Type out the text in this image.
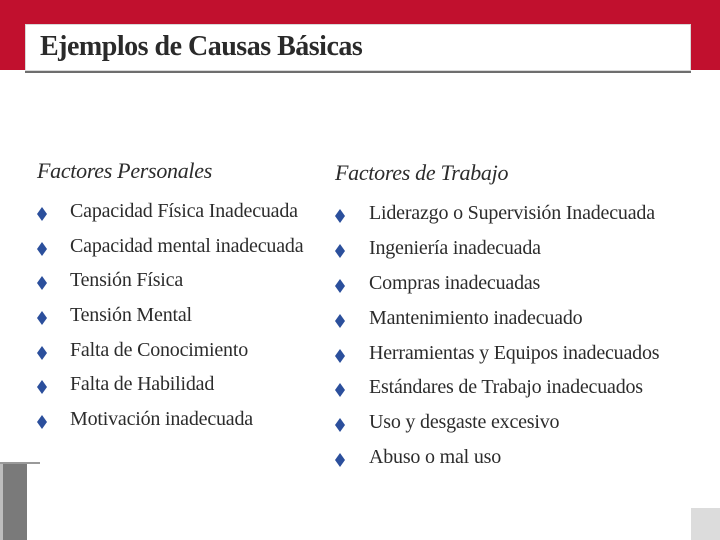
Ejemplos de Causas Básicas
Factores Personales
Capacidad Física Inadecuada
Capacidad mental inadecuada
Tensión Física
Tensión Mental
Falta de Conocimiento
Falta de Habilidad
Motivación inadecuada
Factores de Trabajo
Liderazgo o Supervisión Inadecuada
Ingeniería inadecuada
Compras inadecuadas
Mantenimiento inadecuado
Herramientas y Equipos inadecuados
Estándares de Trabajo inadecuados
Uso y desgaste excesivo
Abuso o mal uso
